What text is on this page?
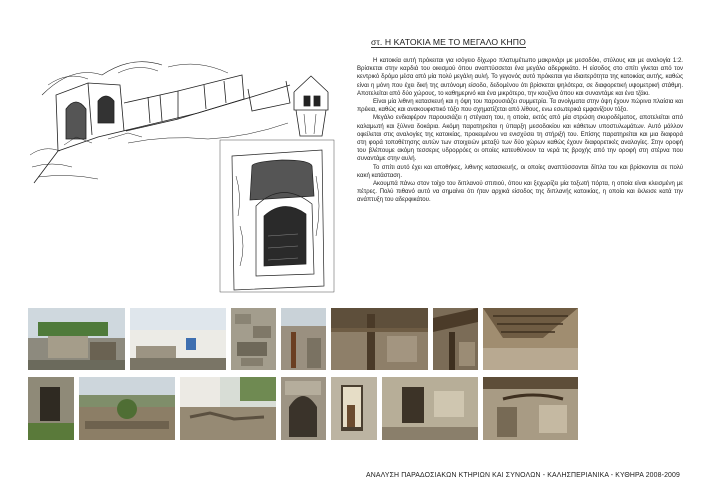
στ. Η ΚΑΤΟΚΙΑ ΜΕ ΤΟ ΜΕΓΑΛΟ ΚΗΠΟ

Η κατοικία αυτή πρόκειται για ισόγειο δίχωρο πλατυμέτωπο μακρινάρι με μεσοδόκι, στύλους και με αναλογία 1:2. Βρίσκεται στην καρδιά του οικισμού όπου αναπτύσσεται ένα μεγάλο αδερφικάτο. Η είσοδος στο σπίτι γίνεται από τον κεντρικό δρόμο μέσα από μία πολύ μεγάλη αυλή. Το γεγονός αυτό πρόκειται για ιδιαιτερότητα της κατοικίας αυτής, καθώς είναι η μόνη που έχει δική της αυτόνομη είσοδο, δεδομένου ότι βρίσκεται ψηλότερα, σε διαφορετική υψομετρική στάθμη. Αποτελείται από δύο χώρους, το καθημερινό και ένα μικρότερο, την κουζίνα όπου και συναντάμε και ένα τζάκι.

Είναι μία λιθινη κατασκευή και η όψη του παρουσιάζει συμμετρία. Τα ανοίγματα στην όψη έχουν πώρινα πλαίσια και πρέκια, καθώς και ανακουφιστικό τόξο που σχηματίζεται από λίθους, ενω εσωτερικά εμφανίζουν τόξο.

Μεγάλο ενδιαφέρον παρουσιάζει η στέγαση του, η οποία, εκτός από μία στρώση σκυροδέματος, αποτελείται από καλαμωτή και ξύλινα δοκάρια. Ακόμη παρατηρείται η ύπαρξη μεσοδοκίου και κάθετων υποστυλωμάτων. Αυτό μάλλον οφείλεται στις αναλογίες της κατοικίας, προκειμένου να ενισχύσει τη στήριξή του. Επίσης παρατηρείται και μια διαφορά στη φορά τοποθέτησης αυτών των στοιχειών μεταξύ των δύο χώρων καθώς έχουν διαφορετικές αναλογίες. Στην οροφή του βλέπουμε ακόμη τεσσερις υδρορρόες οι οποίες κατευθύνουν τα νερά τις βροχής από την οροφή στη στέρνα που συναντάμε στην αυλή.

Το σπίτι αυτό έχει και αποθήκες, λιθινης κατασκευής, οι οποίες αναπτύσσονται δίπλα του και βρίσκονται σε πολύ κακή κατάσταση.

Ακουμπά πάνω στον τοίχο του διπλανού σπιτιού, όπου και ξεχωρίζει μία τοξωτή πόρτα, η οποία είναι κλεισμένη με πέτρες. Πολύ πιθανό αυτό να σημαίνει ότι ήταν αρχικά είσοδος της διπλανής κατοικίας, η οποία και έκλεισε κατά την ανάπτυξη του αδερφικάτου.

ΑΝΑΛΥΣΗ ΠΑΡΑΔΟΣΙΑΚΩΝ ΚΤΗΡΙΩΝ ΚΑΙ ΣΥΝΟΛΩΝ - ΚΑΛΗΣΠΕΡΙΑΝΙΚΑ - ΚΥΘΗΡΑ 2008-2009
